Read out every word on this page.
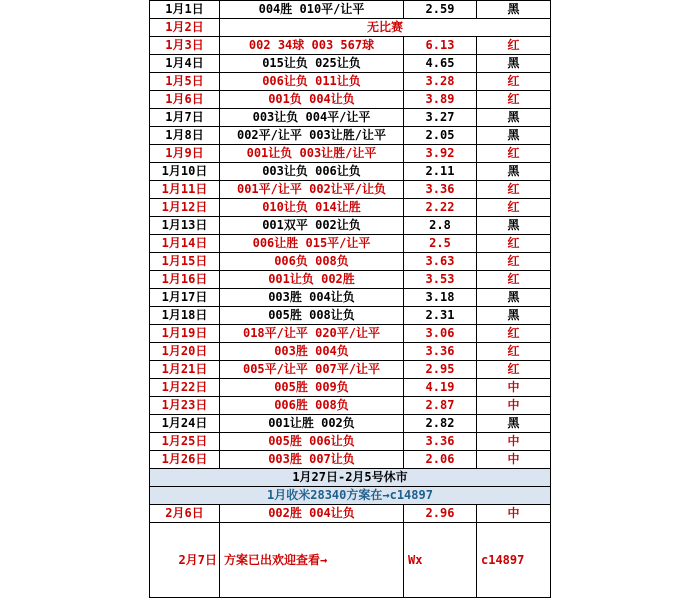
1月1日	004胜 010平/让平	2.59	黑
1月2日	无比赛		
1月3日	002 34球 003 567球	6.13	红
1月4日	015让负 025让负	4.65	黑
1月5日	006让负 011让负	3.28	红
1月6日	001负 004让负	3.89	红
1月7日	003让负 004平/让平	3.27	黑
1月8日	002平/让平 003让胜/让平	2.05	黑
1月9日	001让负 003让胜/让平	3.92	红
1月10日	003让负 006让负	2.11	黑
1月11日	001平/让平 002让平/让负	3.36	红
1月12日	010让负 014让胜	2.22	红
1月13日	001双平 002让负	2.8	黑
1月14日	006让胜 015平/让平	2.5	红
1月15日	006负 008负	3.63	红
1月16日	001让负 002胜	3.53	红
1月17日	003胜 004让负	3.18	黑
1月18日	005胜 008让负	2.31	黑
1月19日	018平/让平 020平/让平	3.06	红
1月20日	003胜 004负	3.36	红
1月21日	005平/让平 007平/让平	2.95	红
1月22日	005胜 009负	4.19	中
1月23日	006胜 008负	2.87	中
1月24日	001让胜 002负	2.82	黑
1月25日	005胜 006让负	3.36	中
1月26日	003胜 007让负	2.06	中
1月27日-2月5号休市			
1月收米28340方案在→c14897			
2月6日	002胜 004让负	2.96	中
2月7日	方案已出欢迎查看→	Wx	c14897
